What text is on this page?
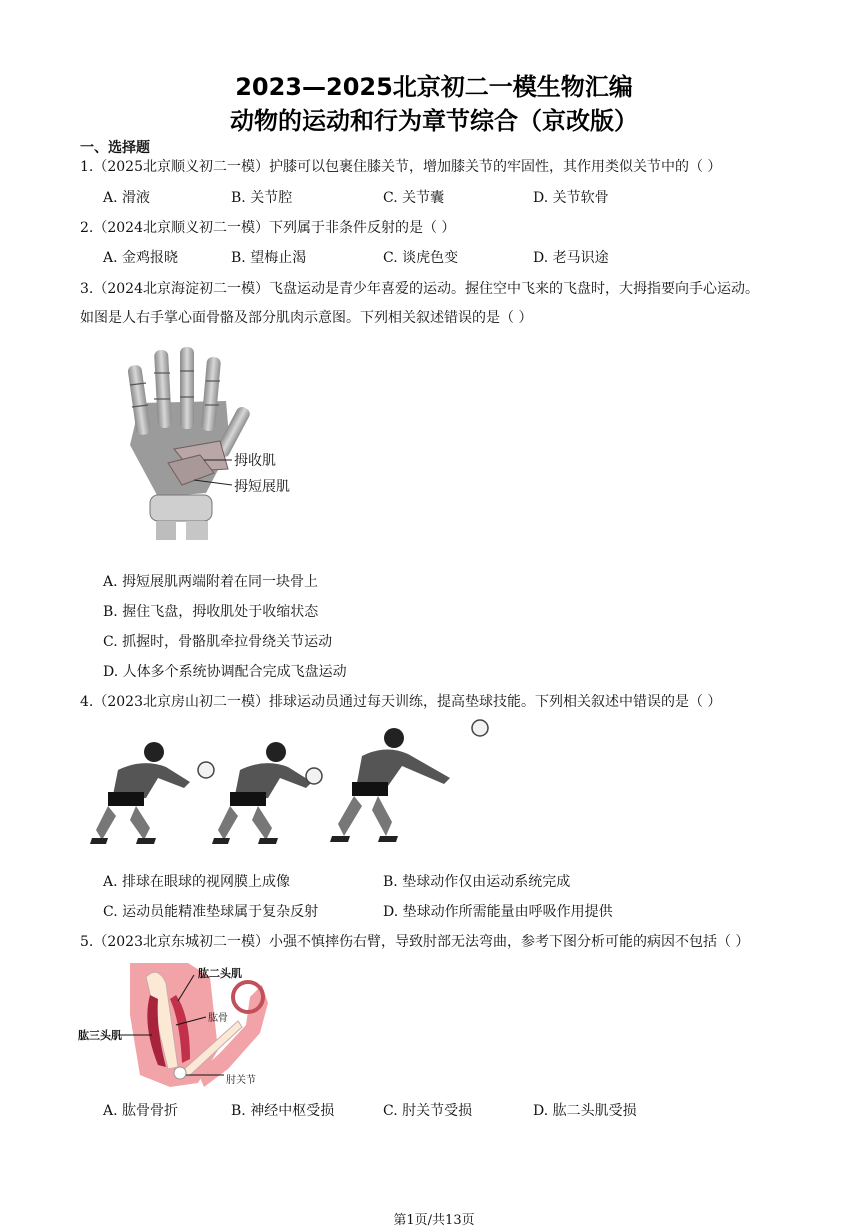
2023—2025北京初二一模生物汇编
动物的运动和行为章节综合（京改版）
一、选择题
1.（2025北京顺义初二一模）护膝可以包裹住膝关节，增加膝关节的牢固性，其作用类似关节中的（ ）
A. 滑液	B. 关节腔	C. 关节囊	D. 关节软骨
2.（2024北京顺义初二一模）下列属于非条件反射的是（ ）
A. 金鸡报晓	B. 望梅止渴	C. 谈虎色变	D. 老马识途
3.（2024北京海淀初二一模）飞盘运动是青少年喜爱的运动。握住空中飞来的飞盘时，大拇指要向手心运动。
如图是人右手掌心面骨骼及部分肌肉示意图。下列相关叙述错误的是（ ）
拇收肌
拇短展肌
A. 拇短展肌两端附着在同一块骨上
B. 握住飞盘，拇收肌处于收缩状态
C. 抓握时，骨骼肌牵拉骨绕关节运动
D. 人体多个系统协调配合完成飞盘运动
4.（2023北京房山初二一模）排球运动员通过每天训练，提高垫球技能。下列相关叙述中错误的是（ ）
A. 排球在眼球的视网膜上成像	B. 垫球动作仅由运动系统完成
C. 运动员能精准垫球属于复杂反射	D. 垫球动作所需能量由呼吸作用提供
5.（2023北京东城初二一模）小强不慎摔伤右臂，导致肘部无法弯曲，参考下图分析可能的病因不包括（ ）
肱二头肌
肱骨
肱三头肌
肘关节
A. 肱骨骨折	B. 神经中枢受损	C. 肘关节受损	D. 肱二头肌受损
第1页/共13页
